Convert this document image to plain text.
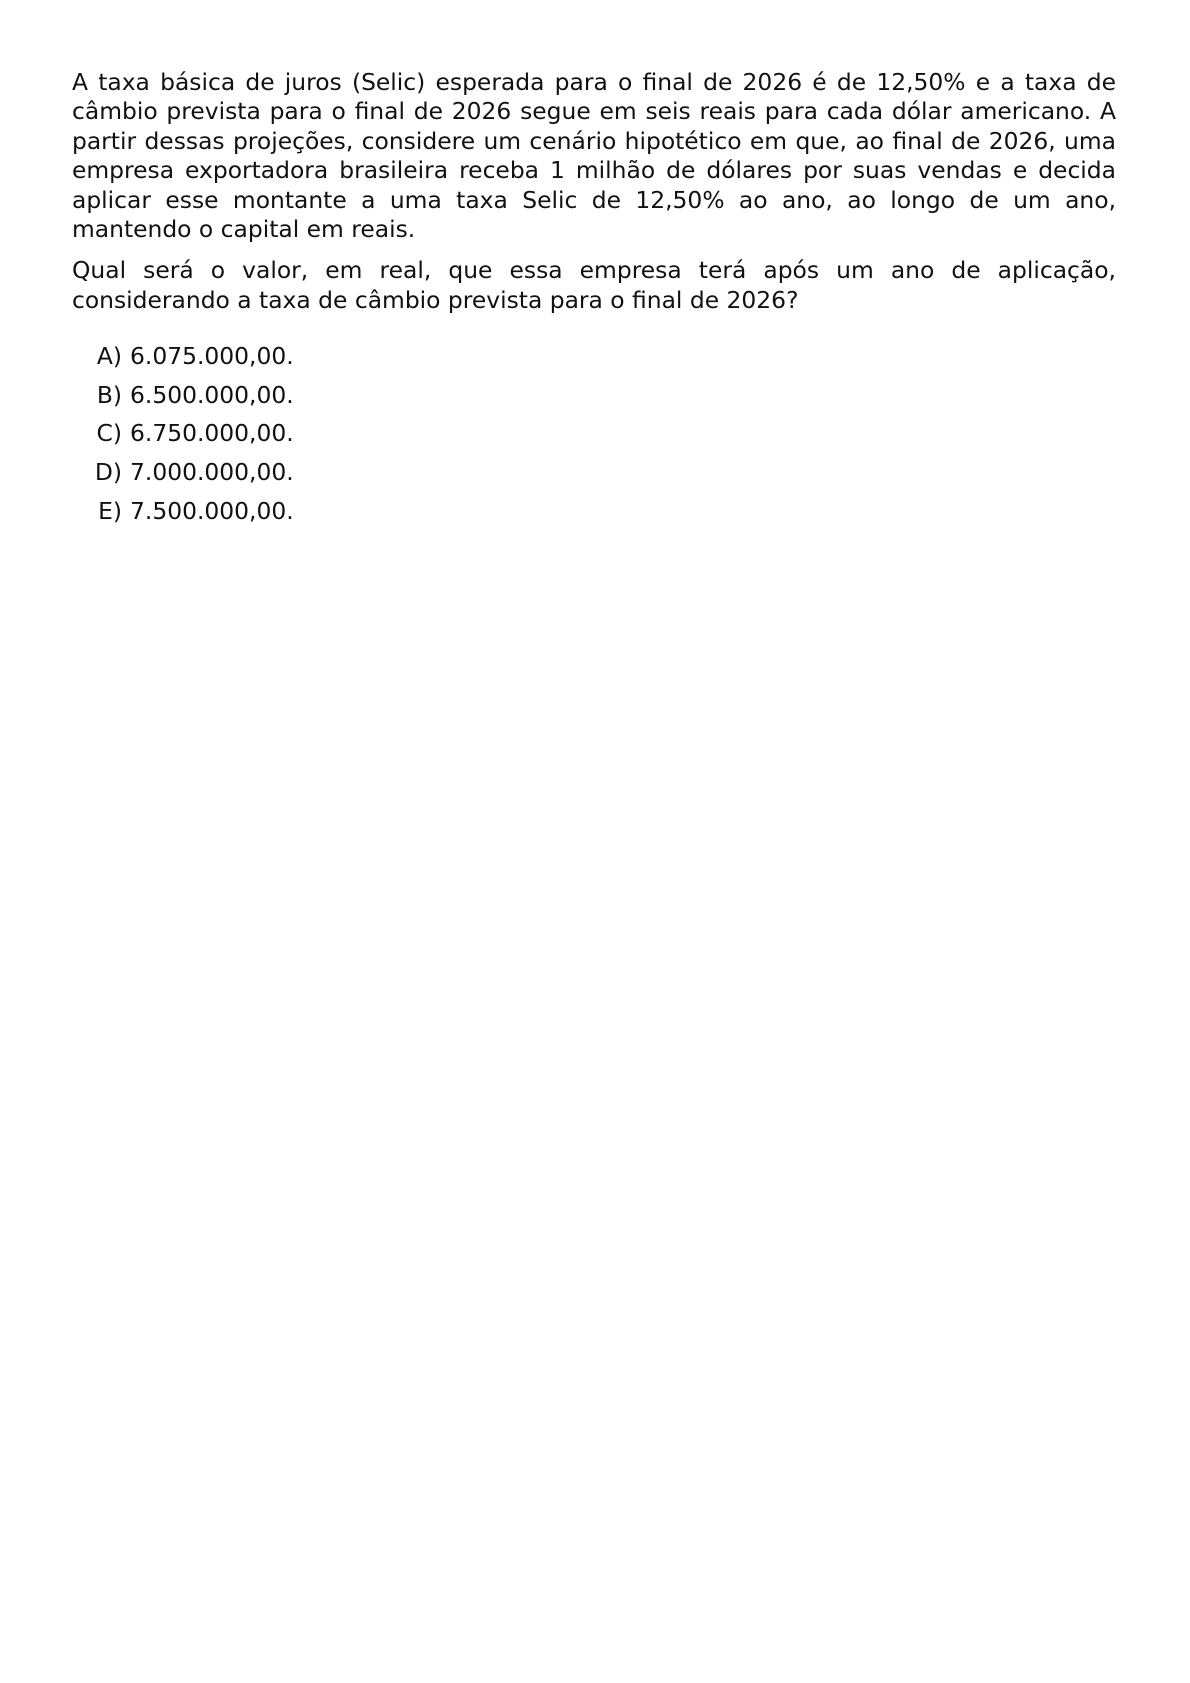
A taxa básica de juros (Selic) esperada para o final de 2026 é de 12,50% e a taxa de câmbio prevista para o final de 2026 segue em seis reais para cada dólar americano. A partir dessas projeções, considere um cenário hipotético em que, ao final de 2026, uma empresa exportadora brasileira receba 1 milhão de dólares por suas vendas e decida aplicar esse montante a uma taxa Selic de 12,50% ao ano, ao longo de um ano, mantendo o capital em reais.

Qual será o valor, em real, que essa empresa terá após um ano de aplicação, considerando a taxa de câmbio prevista para o final de 2026?

A) 6.075.000,00.
B) 6.500.000,00.
C) 6.750.000,00.
D) 7.000.000,00.
E) 7.500.000,00.
